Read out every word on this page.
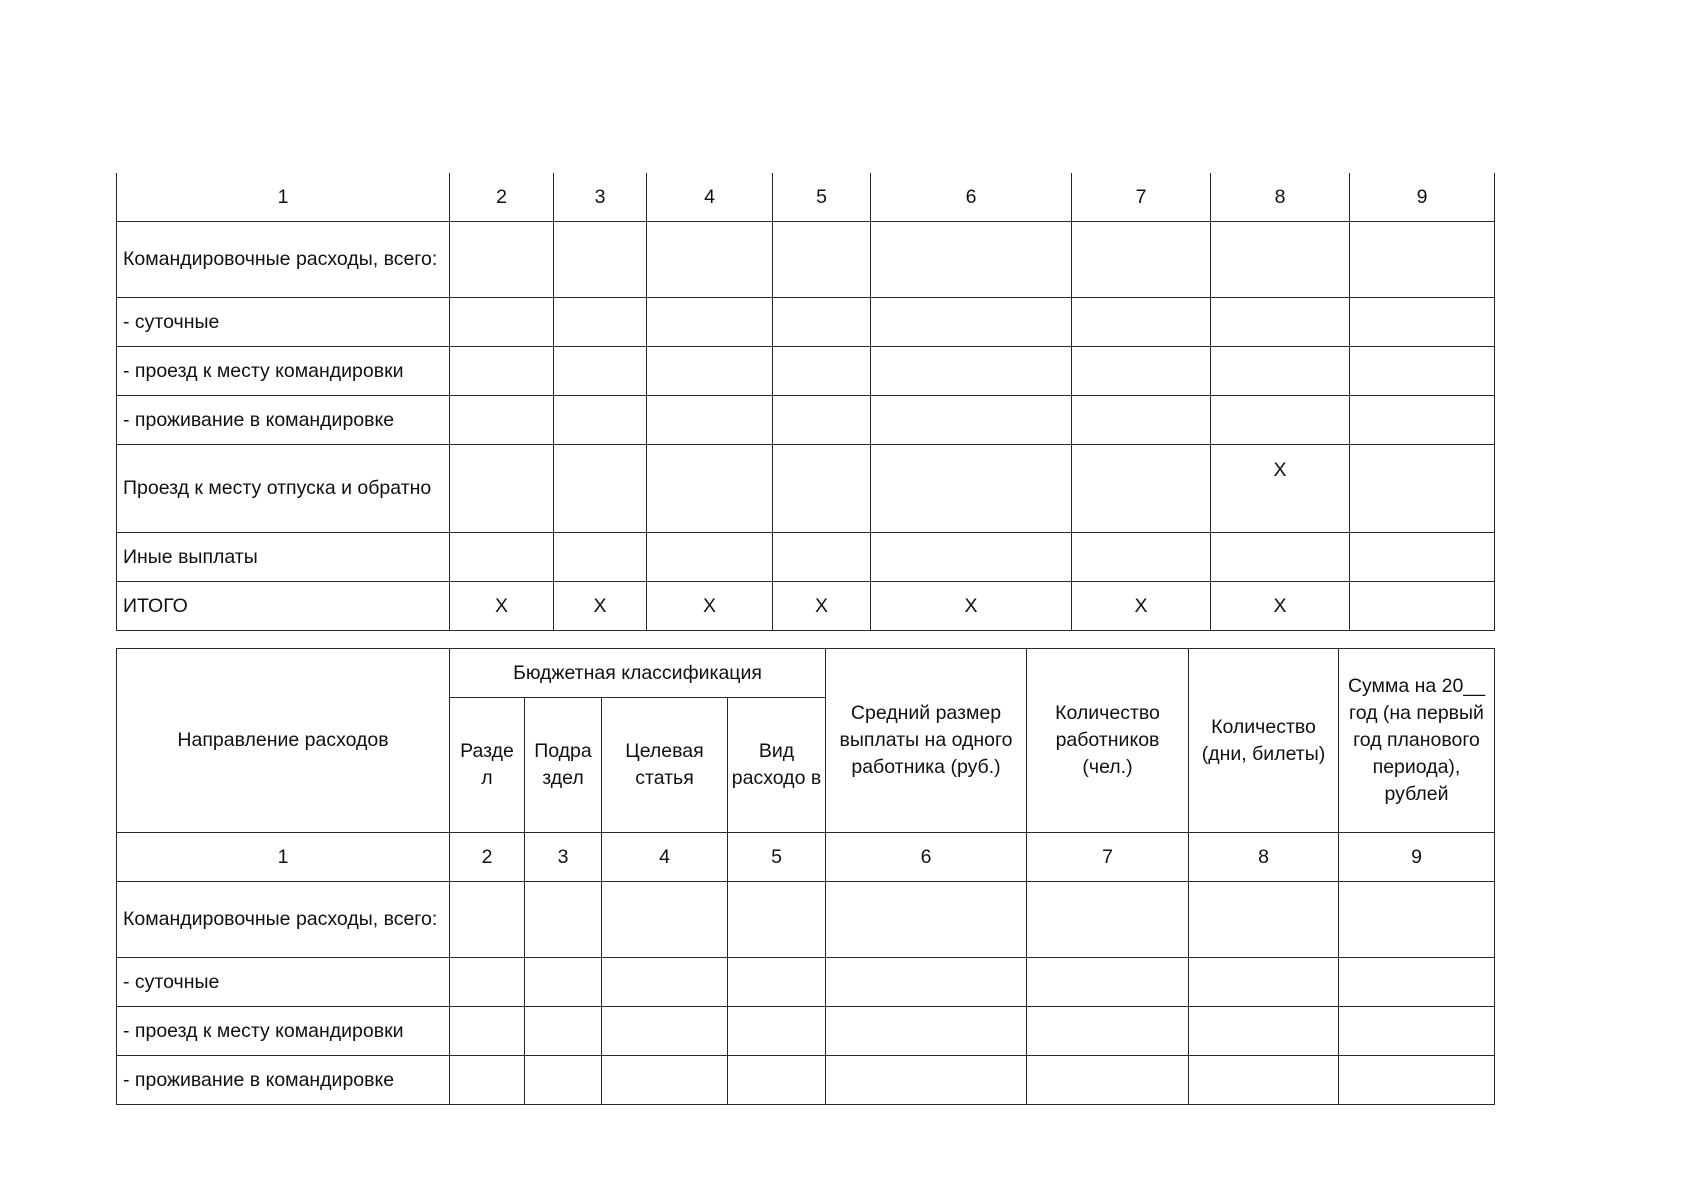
1	2	3	4	5	6	7	8	9
Командировочные расходы, всего:								
- суточные								
- проезд к месту командировки								
- проживание в командировке								
Проезд к месту отпуска и обратно							X	
Иные выплаты								
ИТОГО	X	X	X	X	X	X	X	
Направление расходов	Бюджетная классификация				Средний размер выплаты на одного работника (руб.)	Количество работников (чел.)	Количество (дни, билеты)	Сумма на 20__ год (на первый год планового периода), рублей
	Разде л	Подра здел	Целевая статья	Вид расходо в				
1	2	3	4	5	6	7	8	9
Командировочные расходы, всего:								
- суточные								
- проезд к месту командировки								
- проживание в командировке								
